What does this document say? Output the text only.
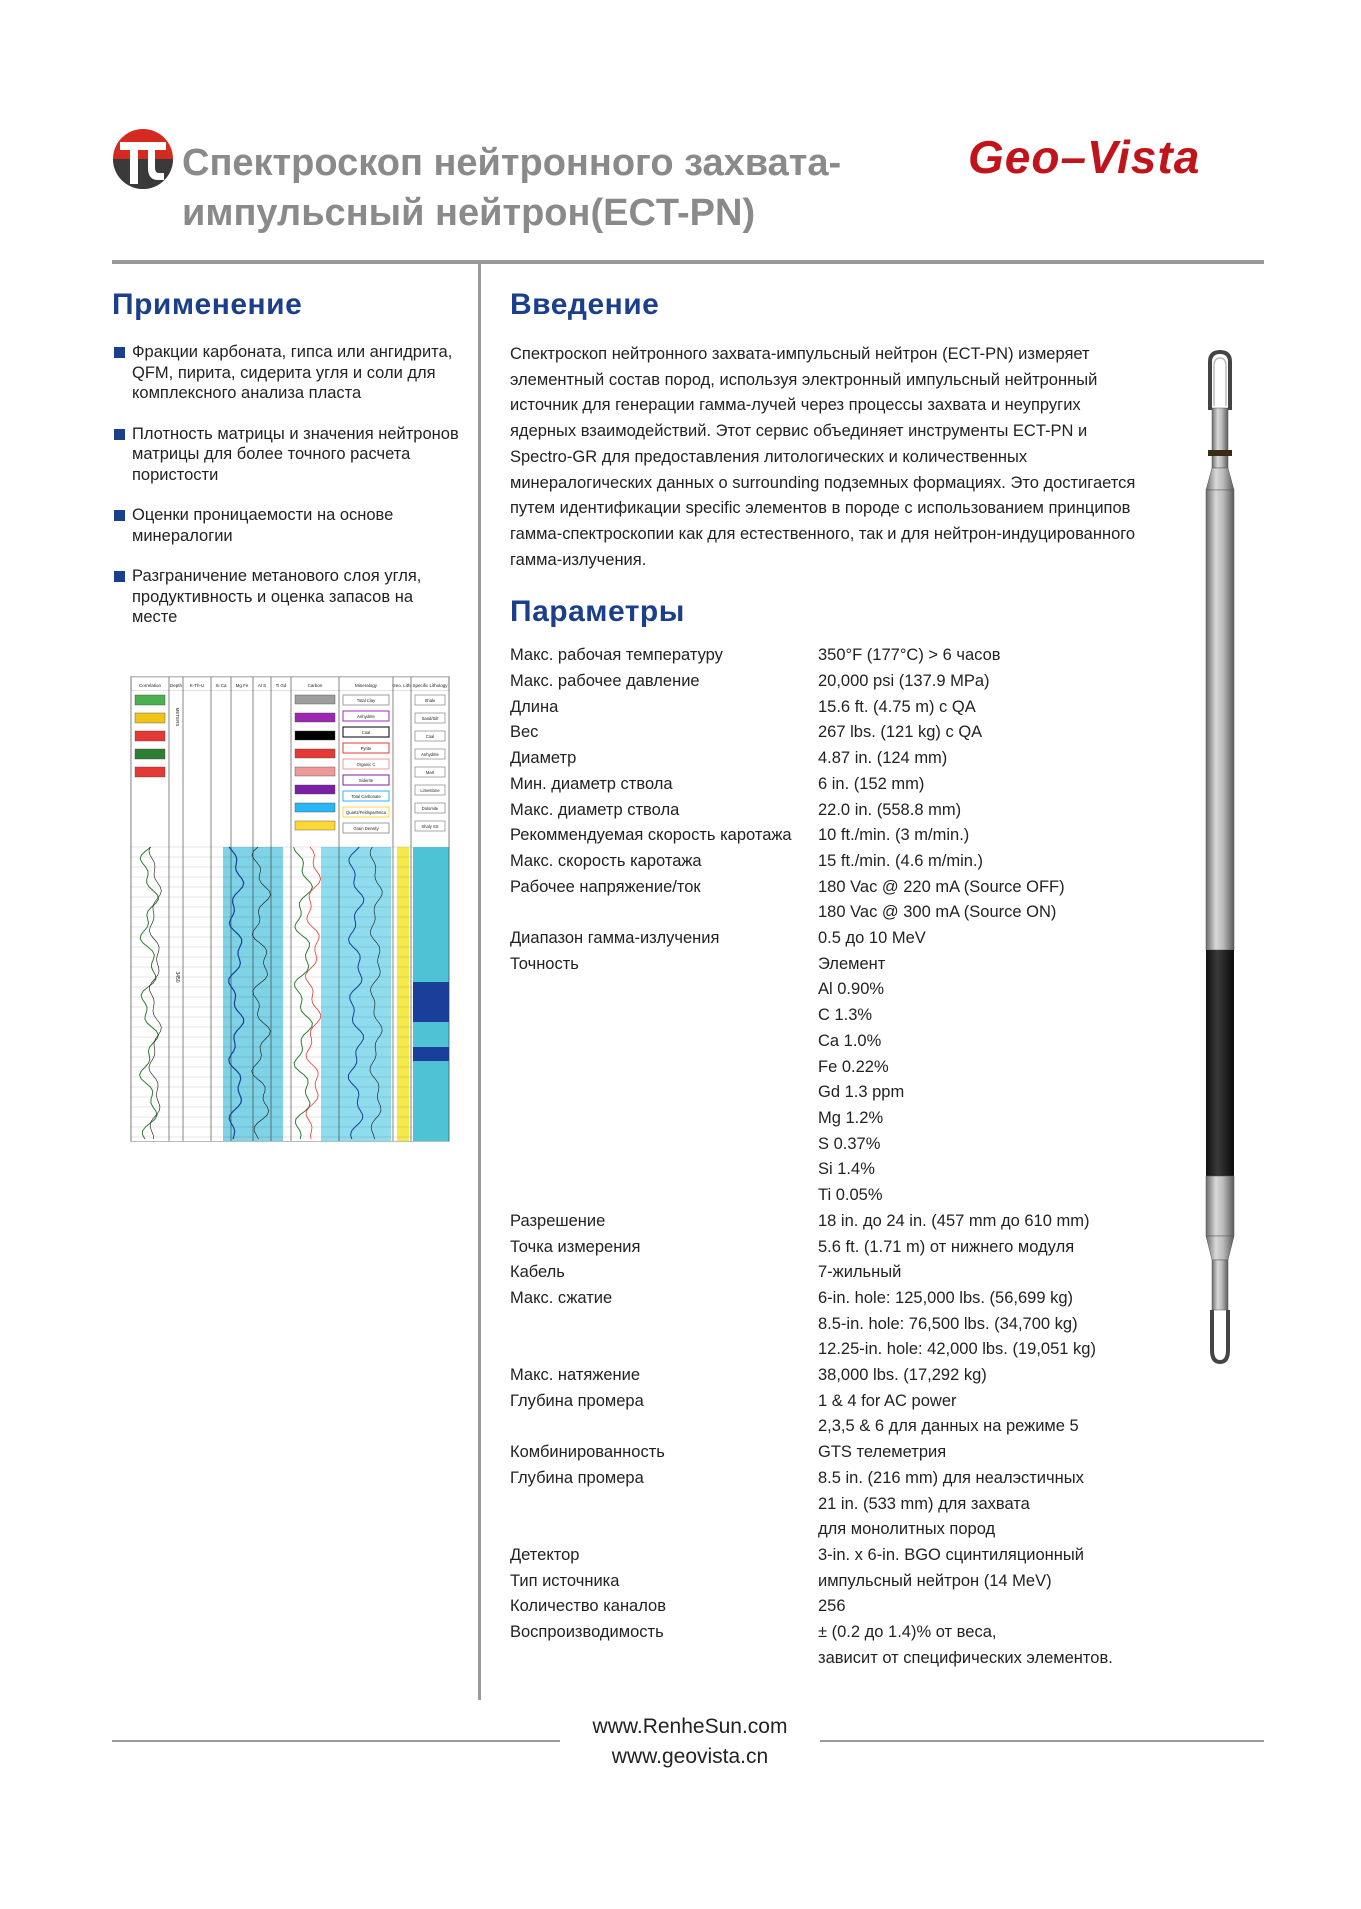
Спектроскоп нейтронного захвата-
импульсный нейтрон(ECT-PN)
Geo–Vista
Применение
Фракции карбоната, гипса или ангидрита, QFM, пирита, сидерита угля и соли для комплексного анализа пласта
Плотность матрицы и значения нейтронов матрицы для более точного расчета пористости
Оценки проницаемости на основе минералогии
Разграничение метанового слоя угля, продуктивность и оценка запасов на месте
Correlation Depth K-Th-U Si Ca Mg Fe Al S Ti Gd	Carbon	Mineralogy	Geo. Lith. Specific Lithology
Total Clay
Anhydrite
Coal
Pyrite
Organic C
Siderite
Total Carbonate
Quartz/Feldspar/Mica
Grain Density
Shale
Sand/Silt
Coal
Anhydrite
Marl
Limestone
Dolomite
Shaly SS
3450
METERS
Введение

Спектроскоп нейтронного захвата-импульсный нейтрон (ECT-PN) измеряет элементный состав пород, используя электронный импульсный нейтронный источник для генерации гамма-лучей через процессы захвата и неупругих ядерных взаимодействий. Этот сервис объединяет инструменты ECT-PN и Spectro-GR для предоставления литологических и количественных минералогических данных о surrounding подземных формациях. Это достигается путем идентификации specific элементов в породе с использованием принципов гамма-спектроскопии как для естественного, так и для нейтрон-индуцированного гамма-излучения.

Параметры
Макс. рабочая температуру	350°F (177°C) > 6 часов
Макс. рабочее давление	20,000 psi (137.9 MPa)
Длина	15.6 ft. (4.75 m) с QA
Вес	267 lbs. (121 kg) с QA
Диаметр	4.87 in. (124 mm)
Мин. диаметр ствола	6 in. (152 mm)
Макс. диаметр ствола	22.0 in. (558.8 mm)
Рекоммендуемая скорость каротажа	10 ft./min. (3 m/min.)
Макс. скорость каротажа	15 ft./min. (4.6 m/min.)
Рабочее напряжение/ток	180 Vac @ 220 mA (Source OFF)
	180 Vac @ 300 mA (Source ON)
Диапазон гамма-излучения	0.5 до 10 MeV
Точность	Элемент
	Al 0.90%
	C 1.3%
	Ca 1.0%
	Fe 0.22%
	Gd 1.3 ppm
	Mg 1.2%
	S 0.37%
	Si 1.4%
	Ti 0.05%
Разрешение	18 in. до 24 in. (457 mm до 610 mm)
Точка измерения	5.6 ft. (1.71 m) от нижнего модуля
Кабель	7-жильный
Макс. сжатие	6-in. hole: 125,000 lbs. (56,699 kg)
	8.5-in. hole: 76,500 lbs. (34,700 kg)
	12.25-in. hole: 42,000 lbs. (19,051 kg)
Макс. натяжение	38,000 lbs. (17,292 kg)
Глубина промера	1 & 4 for AC power
	2,3,5 & 6 для данных на режиме 5
Комбинированность	GTS телеметрия
Глубина промера	8.5 in. (216 mm) для неалэстичных
	21 in. (533 mm) для захвата
	для монолитных пород
Детектор	3-in. x 6-in. BGO сцинтиляционный
Тип источника	импульсный нейтрон (14 MeV)
Количество каналов	256
Воспроизводимость	± (0.2 до 1.4)% от веса,
	зависит от специфических элементов.
www.RenheSun.com
www.geovista.cn
